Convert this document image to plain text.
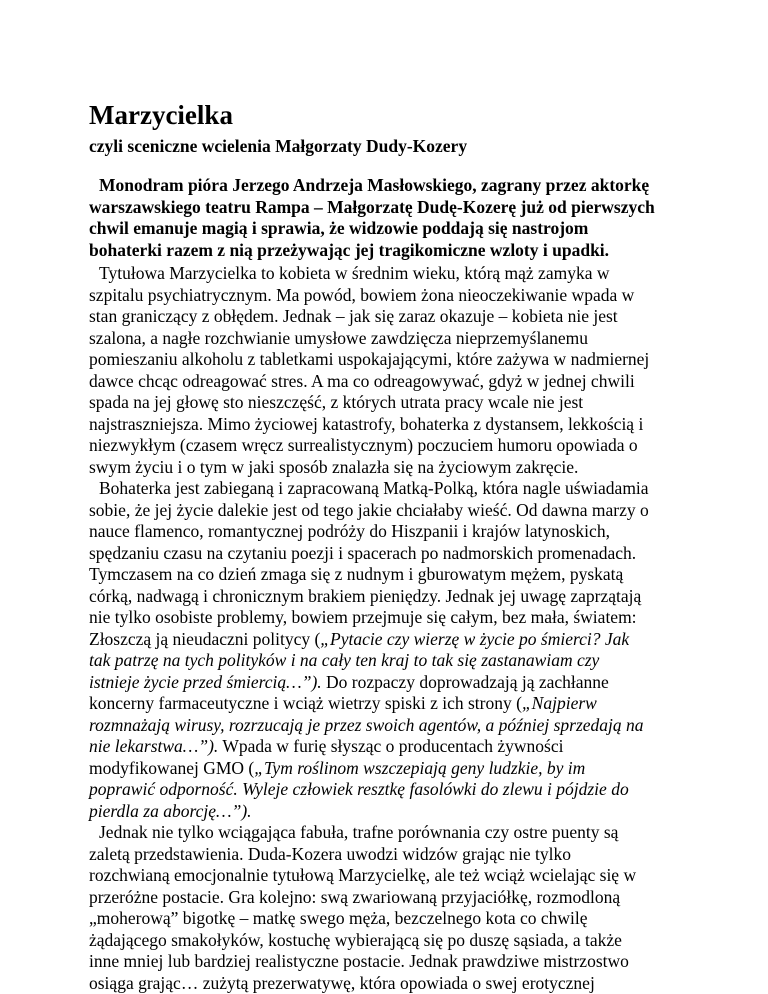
Marzycielka
czyli sceniczne wcielenia Małgorzaty Dudy-Kozery
Monodram pióra Jerzego Andrzeja Masłowskiego, zagrany przez aktorkę
warszawskiego teatru Rampa – Małgorzatę Dudę-Kozerę już od pierwszych
chwil emanuje magią i sprawia, że widzowie poddają się nastrojom
bohaterki razem z nią przeżywając jej tragikomiczne wzloty i upadki.

Tytułowa Marzycielka to kobieta w średnim wieku, którą mąż zamyka w
szpitalu psychiatrycznym. Ma powód, bowiem żona nieoczekiwanie wpada w
stan graniczący z obłędem. Jednak – jak się zaraz okazuje – kobieta nie jest
szalona, a nagłe rozchwianie umysłowe zawdzięcza nieprzemyślanemu
pomieszaniu alkoholu z tabletkami uspokajającymi, które zażywa w nadmiernej
dawce chcąc odreagować stres. A ma co odreagowywać, gdyż w jednej chwili
spada na jej głowę sto nieszczęść, z których utrata pracy wcale nie jest
najstraszniejsza. Mimo życiowej katastrofy, bohaterka z dystansem, lekkością i
niezwykłym (czasem wręcz surrealistycznym) poczuciem humoru opowiada o
swym życiu i o tym w jaki sposób znalazła się na życiowym zakręcie.

Bohaterka jest zabieganą i zapracowaną Matką-Polką, która nagle uświadamia
sobie, że jej życie dalekie jest od tego jakie chciałaby wieść. Od dawna marzy o
nauce flamenco, romantycznej podróży do Hiszpanii i krajów latynoskich,
spędzaniu czasu na czytaniu poezji i spacerach po nadmorskich promenadach.
Tymczasem na co dzień zmaga się z nudnym i gburowatym mężem, pyskatą
córką, nadwagą i chronicznym brakiem pieniędzy. Jednak jej uwagę zaprzątają
nie tylko osobiste problemy, bowiem przejmuje się całym, bez mała, światem:
Złoszczą ją nieudaczni politycy („Pytacie czy wierzę w życie po śmierci? Jak
tak patrzę na tych polityków i na cały ten kraj to tak się zastanawiam czy
istnieje życie przed śmiercią…”). Do rozpaczy doprowadzają ją zachłanne
koncerny farmaceutyczne i wciąż wietrzy spiski z ich strony („Najpierw
rozmnażają wirusy, rozrzucają je przez swoich agentów, a później sprzedają na
nie lekarstwa…”). Wpada w furię słysząc o producentach żywności
modyfikowanej GMO („Tym roślinom wszczepiają geny ludzkie, by im
poprawić odporność. Wyleje człowiek resztkę fasolówki do zlewu i pójdzie do
pierdla za aborcję…”).

Jednak nie tylko wciągająca fabuła, trafne porównania czy ostre puenty są
zaletą przedstawienia. Duda-Kozera uwodzi widzów grając nie tylko
rozchwianą emocjonalnie tytułową Marzycielkę, ale też wciąż wcielając się w
przeróżne postacie. Gra kolejno: swą zwariowaną przyjaciółkę, rozmodloną
„moherową” bigotkę – matkę swego męża, bezczelnego kota co chwilę
żądającego smakołyków, kostuchę wybierającą się po duszę sąsiada, a także
inne mniej lub bardziej realistyczne postacie. Jednak prawdziwe mistrzostwo
osiąga grając… zużytą prezerwatywę, która opowiada o swej erotycznej
